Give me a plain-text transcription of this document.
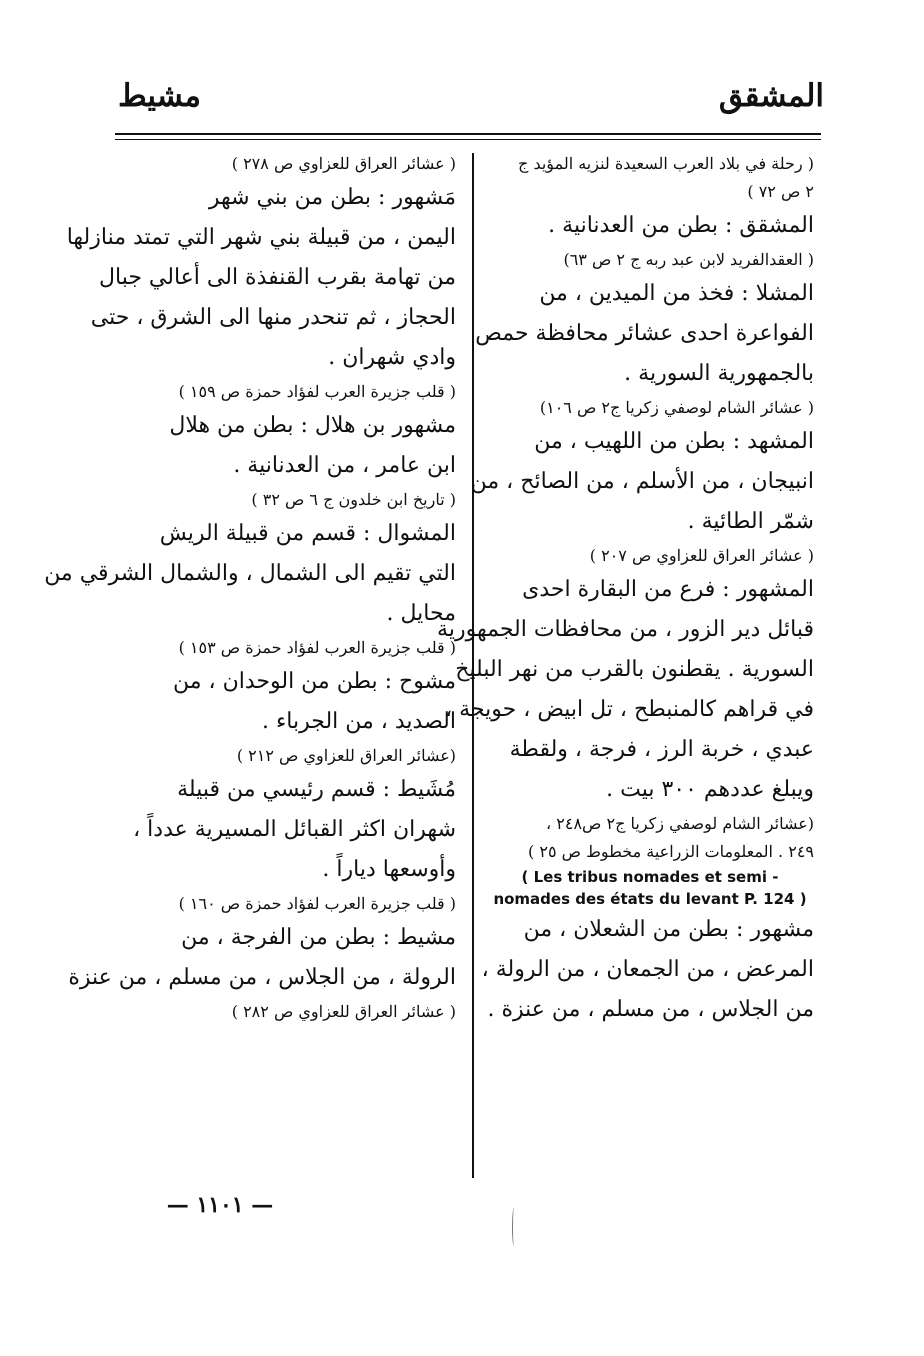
المشقق
مشيط

( رحلة في بلاد العرب السعيدة لنزيه المؤيد ج

٢ ص ٧٢ )

المشقق : بطن من العدنانية .

( العقدالفريد لابن عبد ربه ج ٢ ص ٦٣)

المشلا : فخذ من الميدين ، من

الفواعرة احدى عشائر محافظة حمص

بالجمهورية السورية .

( عشائر الشام لوصفي زكريا ج٢ ص ١٠٦)

المشهد : بطن من اللهيب ، من

انبيجان ، من الأسلم ، من الصائح ، من

شمّر الطائية .

( عشائر العراق للعزاوي ص ٢٠٧ )

المشهور : فرع من البقارة احدى

قبائل دير الزور ، من محافظات الجمهورية

السورية . يقطنون بالقرب من نهر البليخ

في قراهم كالمنبطح ، تل ابيض ، حويجة ،

عبدي ، خربة الرز ، فرجة ، ولقطة

ويبلغ عددهم ٣٠٠ بيت .

(عشائر الشام لوصفي زكريا ج٢ ص٢٤٨ ،

٢٤٩ . المعلومات الزراعية مخطوط ص ٢٥ )

( Les tribus nomades et semi -

nomades des états du levant P. 124 )

مشهور : بطن من الشعلان ، من

المرعض ، من الجمعان ، من الرولة ،

من الجلاس ، من مسلم ، من عنزة .

( عشائر العراق للعزاوي ص ٢٧٨ )

مَشهور : بطن من بني شهر

اليمن ، من قبيلة بني شهر التي تمتد منازلها

من تهامة بقرب القنفذة الى أعالي جبال

الحجاز ، ثم تنحدر منها الى الشرق ، حتى

وادي شهران .

( قلب جزيرة العرب لفؤاد حمزة ص ١٥٩ )

مشهور بن هلال : بطن من هلال

ابن عامر ، من العدنانية .

( تاريخ ابن خلدون ج ٦ ص ٣٢ )

المشوال : قسم من قبيلة الريش

التي تقيم الى الشمال ، والشمال الشرقي من

محايل .

( قلب جزيرة العرب لفؤاد حمزة ص ١٥٣ )

مشوح : بطن من الوحدان ، من

الصديد ، من الجرباء .

(عشائر العراق للعزاوي ص ٢١٢ )

مُشَيط : قسم رئيسي من قبيلة

شهران اكثر القبائل المسيرية عدداً ،

وأوسعها دياراً .

( قلب جزيرة العرب لفؤاد حمزة ص ١٦٠ )

مشيط : بطن من الفرجة ، من

الرولة ، من الجلاس ، من مسلم ، من عنزة

( عشائر العراق للعزاوي ص ٢٨٢ )

— ١١٠١ —
